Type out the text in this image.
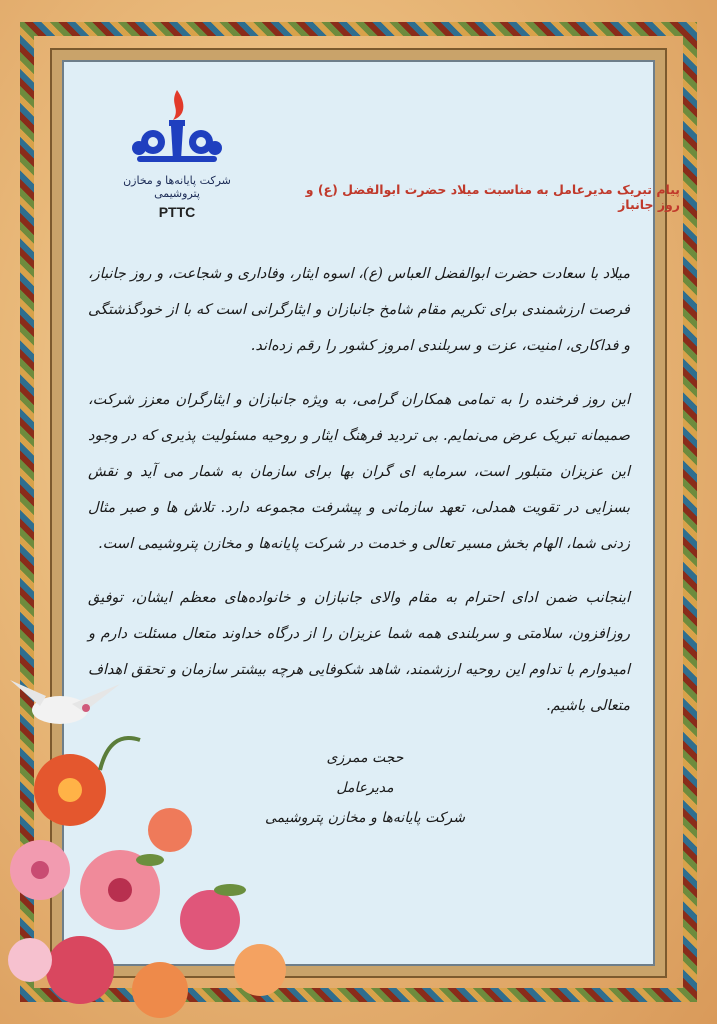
شرکت پایانه‌ها و مخازن پتروشیمی
PTTC
پیام تبریک مدیرعامل به مناسبت میلاد حضرت ابوالفضل (ع) و روز جانباز

میلاد با سعادت حضرت ابوالفضل العباس (ع)، اسوه ایثار، وفاداری و شجاعت، و روز جانباز، فرصت ارزشمندی برای تکریم مقام شامخ جانبازان و ایثارگرانی است که با از خودگذشتگی و فداکاری، امنیت، عزت و سربلندی امروز کشور را رقم زده‌اند.

این روز فرخنده را به تمامی همکاران گرامی، به ویژه جانبازان و ایثارگران معزز شرکت، صمیمانه تبریک عرض می‌نمایم. بی تردید فرهنگ ایثار و روحیه مسئولیت پذیری که در وجود این عزیزان متبلور است، سرمایه ای گران بها برای سازمان به شمار می آید و نقش بسزایی در تقویت همدلی، تعهد سازمانی و پیشرفت مجموعه دارد. تلاش ها و صبر مثال زدنی شما، الهام بخش مسیر تعالی و خدمت در شرکت پایانه‌ها و مخازن پتروشیمی است.

اینجانب ضمن ادای احترام به مقام والای جانبازان و خانواده‌های معظم ایشان، توفیق روزافزون، سلامتی و سربلندی همه شما عزیزان را از درگاه خداوند متعال مسئلت دارم و امیدوارم با تداوم این روحیه ارزشمند، شاهد شکوفایی هرچه بیشتر سازمان و تحقق اهداف متعالی باشیم.

حجت ممرزی
مدیرعامل
شرکت پایانه‌ها و مخازن پتروشیمی
